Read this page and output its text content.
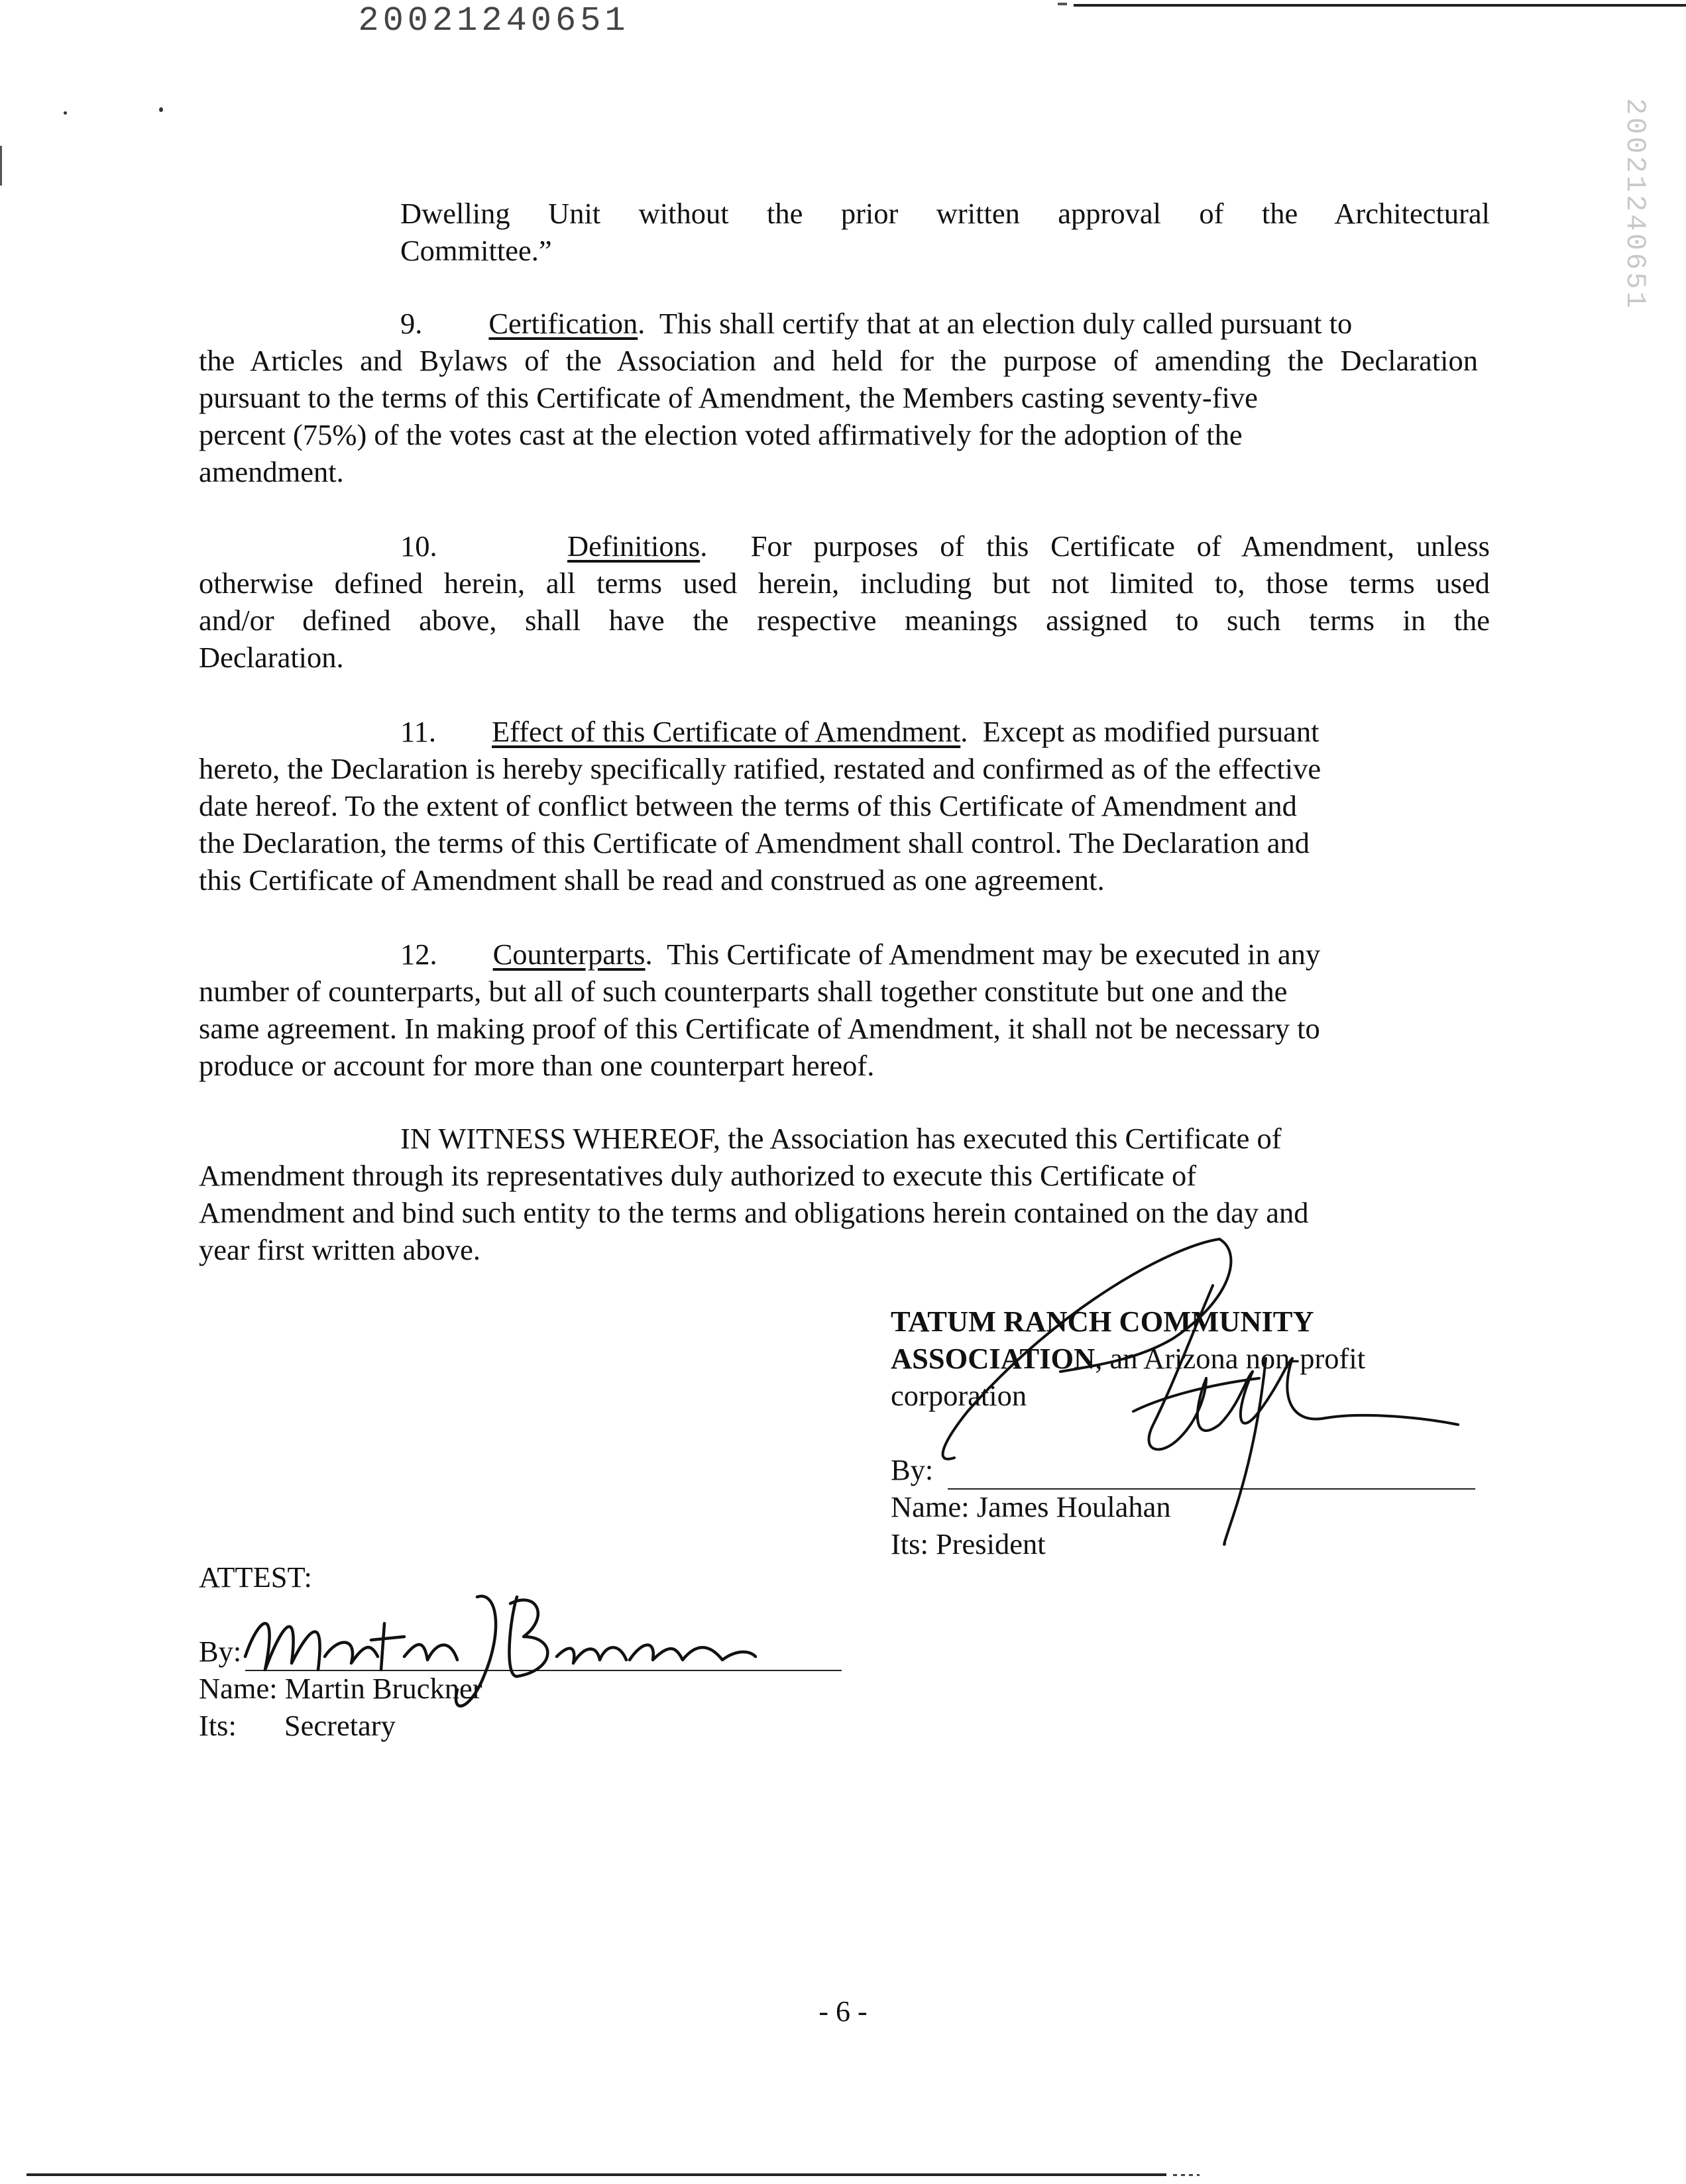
20021240651
20021240651
Dwelling Unit without the prior written approval of the Architectural
Committee.”
9. Certification.  This shall certify that at an election duly called pursuant to
the Articles and Bylaws of the Association and held for the purpose of amending the Declaration
pursuant to the terms of this Certificate of Amendment, the Members casting seventy-five
percent (75%) of the votes cast at the election voted affirmatively for the adoption of the
amendment.
10.	Definitions.  For purposes of this Certificate of Amendment, unless
otherwise defined herein, all terms used herein, including but not limited to, those terms used
and/or defined above, shall have the respective meanings assigned to such terms in the
Declaration.
11. Effect of this Certificate of Amendment.  Except as modified pursuant
hereto, the Declaration is hereby specifically ratified, restated and confirmed as of the effective
date hereof. To the extent of conflict between the terms of this Certificate of Amendment and
the Declaration, the terms of this Certificate of Amendment shall control. The Declaration and
this Certificate of Amendment shall be read and construed as one agreement.
12. Counterparts.  This Certificate of Amendment may be executed in any
number of counterparts, but all of such counterparts shall together constitute but one and the
same agreement. In making proof of this Certificate of Amendment, it shall not be necessary to
produce or account for more than one counterpart hereof.
IN WITNESS WHEREOF, the Association has executed this Certificate of
Amendment through its representatives duly authorized to execute this Certificate of
Amendment and bind such entity to the terms and obligations herein contained on the day and
year first written above.
TATUM RANCH COMMUNITY
ASSOCIATION, an Arizona non-profit
corporation
By:
Name: James Houlahan
Its: President
ATTEST:
By:
Name: Martin Bruckner
Its: Secretary
- 6 -
